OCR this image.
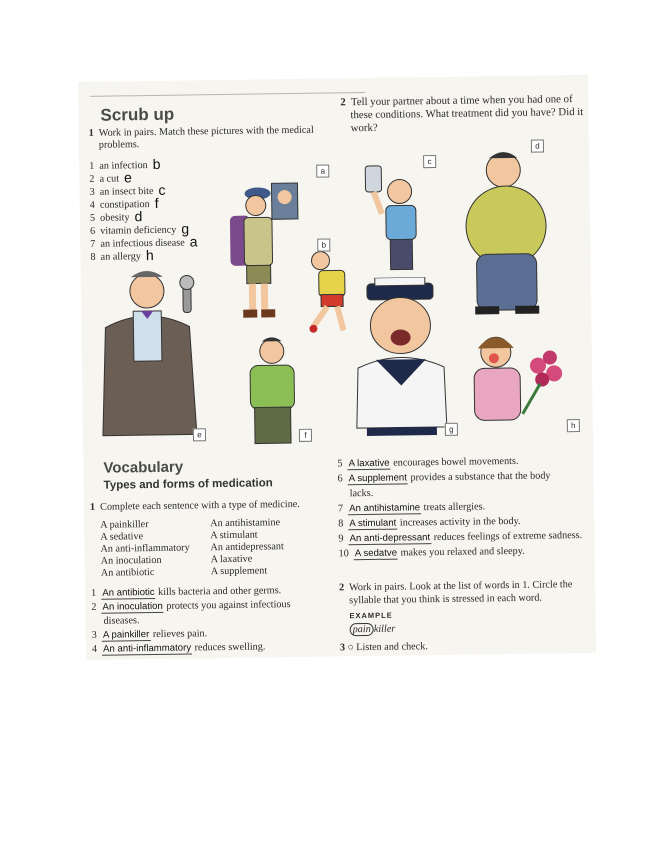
Scrub up
1 Work in pairs. Match these pictures with the medical
problems.
1 an infection b
2 a cut e
3 an insect bite c
4 constipation f
5 obesity d
6 vitamin deficiency g
7 an infectious disease a
8 an allergy h
2 Tell your partner about a time when you had one of
these conditions. What treatment did you have? Did it
work?
a
b
c
d
e	f
g	h
Vocabulary
Types and forms of medication
1 Complete each sentence with a type of medicine.
A painkiller
A sedative
An anti-inflammatory
An inoculation
An antibiotic
An antihistamine
A stimulant
An antidepressant
A laxative
A supplement
1 An antibiotic kills bacteria and other germs.
2 An inoculation protects you against infectious
diseases.
3 A painkiller relieves pain.
4 An anti-inflammatory reduces swelling.
5 A laxative encourages bowel movements.
6 A supplement provides a substance that the body
lacks.
7 An antihistamine treats allergies.
8 A stimulant increases activity in the body.
9 An anti-depressant reduces feelings of extreme sadness.
10 A sedatve makes you relaxed and sleepy.
2 Work in pairs. Look at the list of words in 1. Circle the
syllable that you think is stressed in each word.
EXAMPLE
pain killer
3 ○ Listen and check.
